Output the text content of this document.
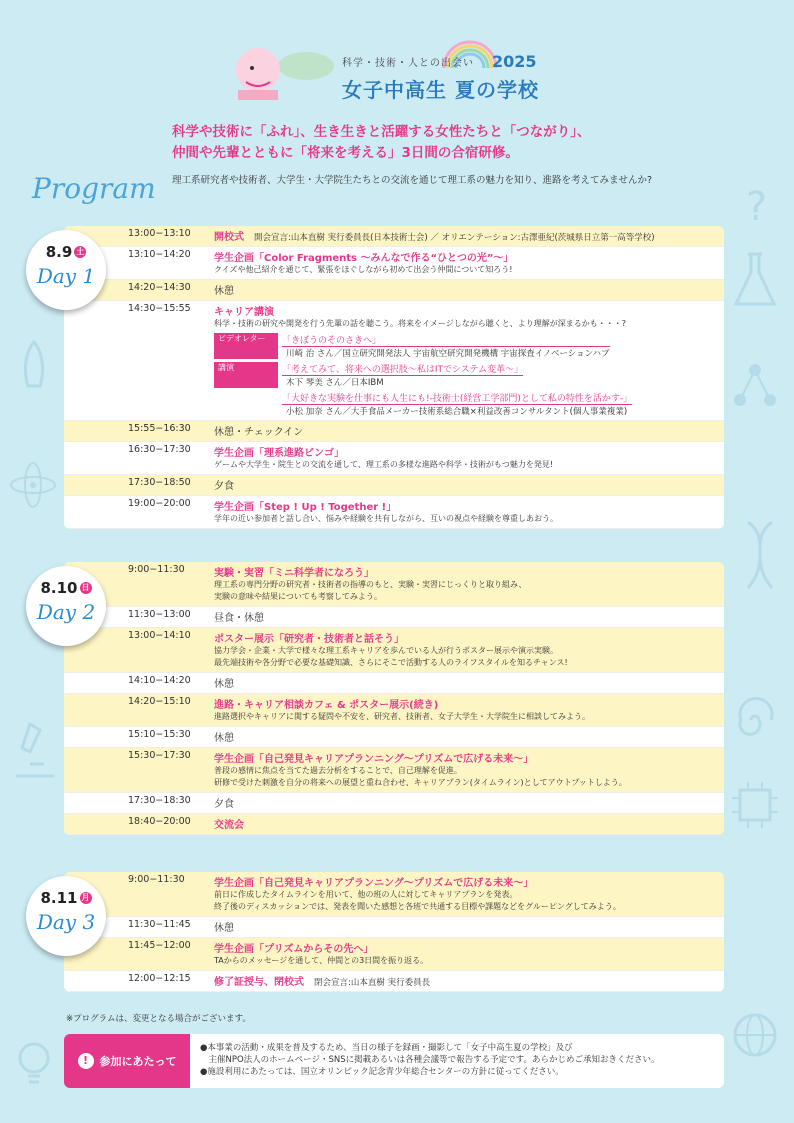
?
科学・技術・人との出会い 2025
女子中高生 夏の学校
科学や技術に「ふれ」、生き生きと活躍する女性たちと「つながり」、
仲間や先輩とともに「将来を考える」3日間の合宿研修。
Program 理工系研究者や技術者、大学生・大学院生たちとの交流を通じて理工系の魅力を知り、進路を考えてみませんか?
13:00−13:10	開校式 開会宣言:山本直樹 実行委員長(日本技術士会) ／ オリエンテーション:古澤亜紀(茨城県日立第一高等学校)
13:10−14:20	学生企画「Color Fragments 〜みんなで作る“ひとつの光”〜」
クイズや他己紹介を通じて、緊張をほぐしながら初めて出会う仲間について知ろう!
14:20−14:30	休憩
14:30−15:55	キャリア講演
科学・技術の研究や開発を行う先輩の話を聴こう。将来をイメージしながら聴くと、より理解が深まるかも・・・?
ビデオレター	「きぼうのそのさきへ」
川崎 治 さん／国立研究開発法人 宇宙航空研究開発機構 宇宙探査イノベーションハブ
講演	「考えてみて、将来への選択肢〜私はITでシステム変革〜」
木下 琴美 さん／日本IBM
「大好きな実験を仕事にも人生にも!-技術士(経営工学部門)として私の特性を活かす-」
小松 加奈 さん／大手食品メーカー技術系総合職×利益改善コンサルタント(個人事業複業)
15:55−16:30	休憩・チェックイン
16:30−17:30	学生企画「理系進路ビンゴ」
ゲームや大学生・院生との交流を通して、理工系の多様な進路や科学・技術がもつ魅力を発見!
17:30−18:50	夕食
19:00−20:00	学生企画「Step ! Up ! Together !」
学年の近い参加者と話し合い、悩みや経験を共有しながら、互いの視点や経験を尊重しあおう。
9:00−11:30	実験・実習「ミニ科学者になろう」
理工系の専門分野の研究者・技術者の指導のもと、実験・実習にじっくりと取り組み、
実験の意味や結果についても考察してみよう。
11:30−13:00	昼食・休憩
13:00−14:10	ポスター展示「研究者・技術者と話そう」
協力学会・企業・大学で様々な理工系キャリアを歩んでいる人が行うポスター展示や演示実験。
最先端技術や各分野で必要な基礎知識、さらにそこで活動する人のライフスタイルを知るチャンス!
14:10−14:20	休憩
14:20−15:10	進路・キャリア相談カフェ & ポスター展示(続き)
進路選択やキャリアに関する疑問や不安を、研究者、技術者、女子大学生・大学院生に相談してみよう。
15:10−15:30	休憩
15:30−17:30	学生企画「自己発見キャリアプランニング〜プリズムで広げる未来〜」
普段の感情に焦点を当てた過去分析をすることで、自己理解を促進。
研修で受けた刺激を自分の将来への展望と重ね合わせ、キャリアプラン(タイムライン)としてアウトプットしよう。
17:30−18:30	夕食
18:40−20:00	交流会
9:00−11:30	学生企画「自己発見キャリアプランニング〜プリズムで広げる未来〜」
前日に作成したタイムラインを用いて、他の班の人に対してキャリアプランを発表。
終了後のディスカッションでは、発表を聞いた感想と各班で共通する目標や課題などをグルーピングしてみよう。
11:30−11:45	休憩
11:45−12:00	学生企画「プリズムからその先へ」
TAからのメッセージを通して、仲間との3日間を振り返る。
12:00−12:15	修了証授与、閉校式 閉会宣言:山本直樹 実行委員長
※プログラムは、変更となる場合がございます。
!	参加にあたって
●本事業の活動・成果を普及するため、当日の様子を録画・撮影して「女子中高生夏の学校」及び
　主催NPO法人のホームページ・SNSに掲載あるいは各種会議等で報告する予定です。あらかじめご承知おきください。
●施設利用にあたっては、国立オリンピック記念青少年総合センターの方針に従ってください。
8.9 土
Day 1
8.10 日
Day 2
8.11 月
Day 3
